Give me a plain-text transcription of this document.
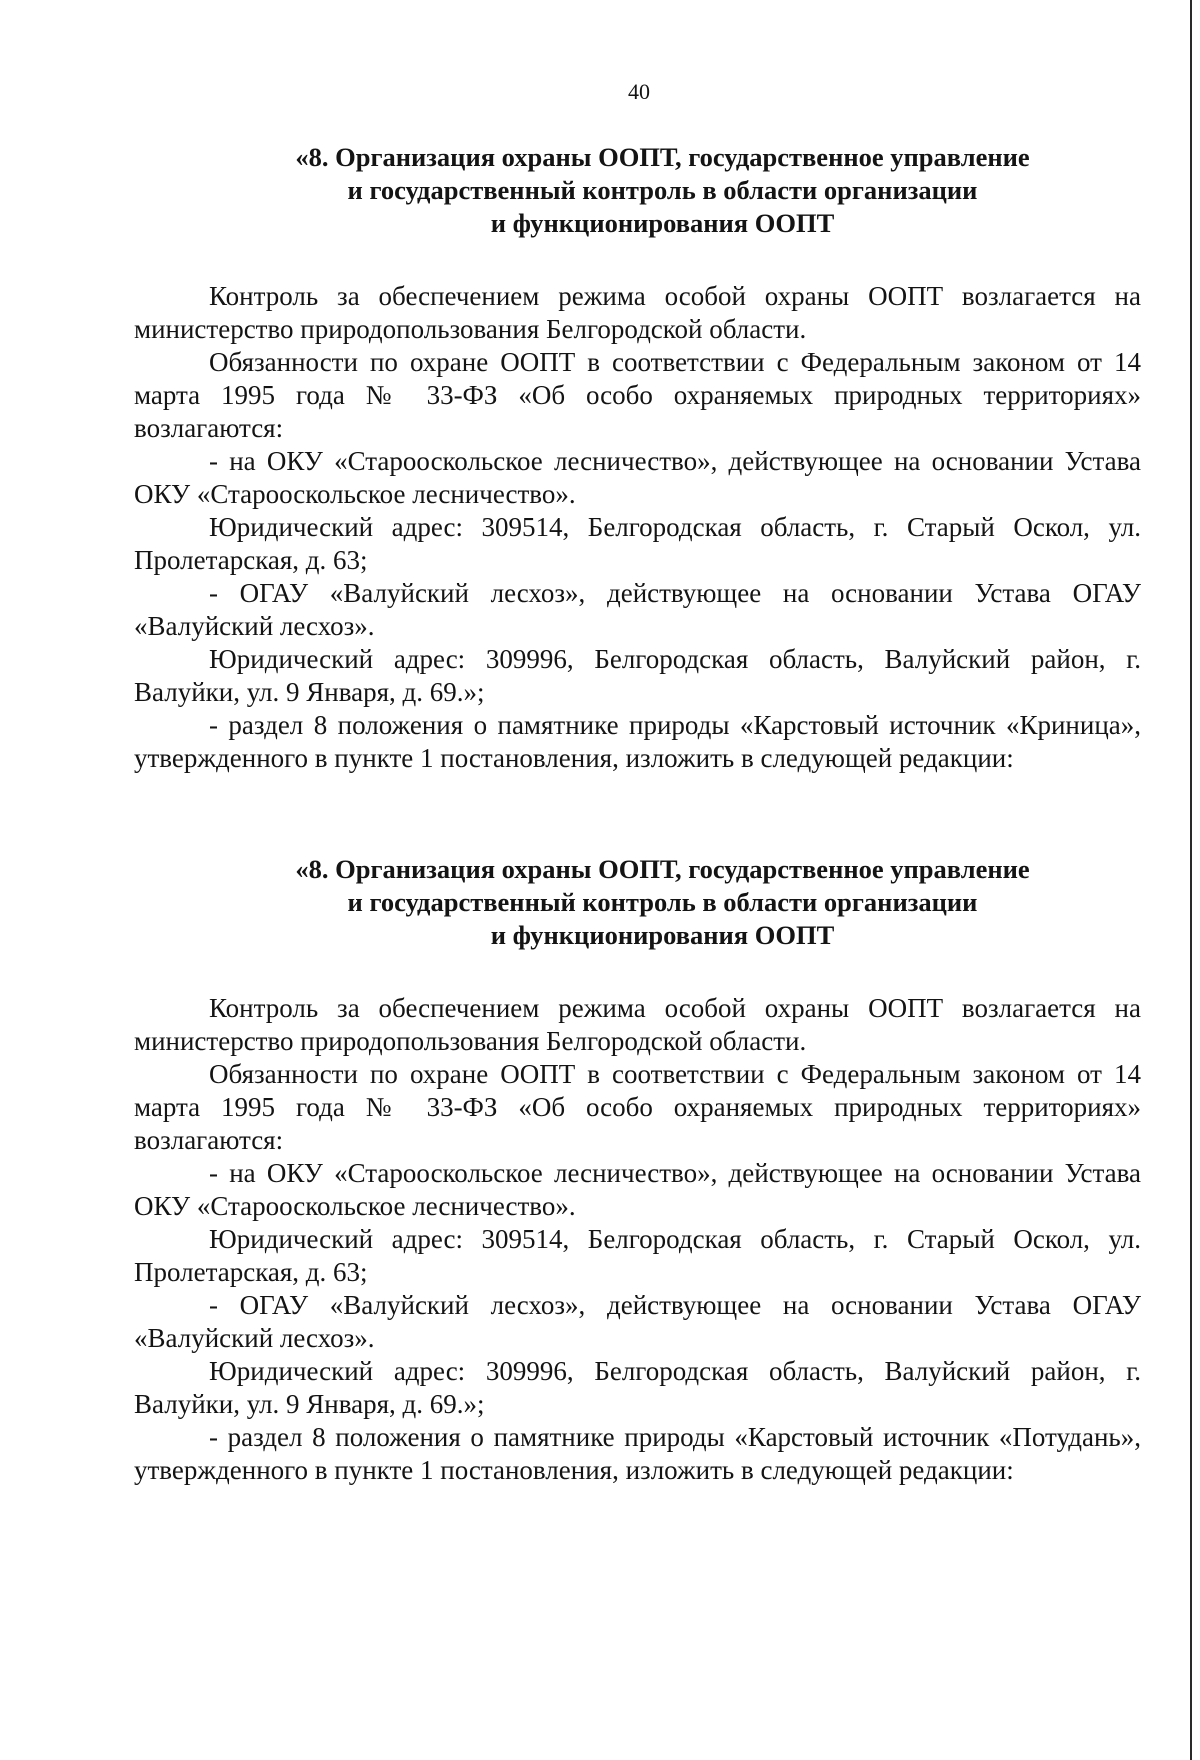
40
«8. Организация охраны ООПТ, государственное управление
и государственный контроль в области организации
и функционирования ООПТ

Контроль за обеспечением режима особой охраны ООПТ возлагается на министерство природопользования Белгородской области.

Обязанности по охране ООПТ в соответствии с Федеральным законом от 14 марта 1995 года № 33-ФЗ «Об особо охраняемых природных территориях» возлагаются:

- на ОКУ «Старооскольское лесничество», действующее на основании Устава ОКУ «Старооскольское лесничество».

Юридический адрес: 309514, Белгородская область, г. Старый Оскол, ул. Пролетарская, д. 63;

- ОГАУ «Валуйский лесхоз», действующее на основании Устава ОГАУ «Валуйский лесхоз».

Юридический адрес: 309996, Белгородская область, Валуйский район, г. Валуйки, ул. 9 Января, д. 69.»;

- раздел 8 положения о памятнике природы «Карстовый источник «Криница», утвержденного в пункте 1 постановления, изложить в следующей редакции:

«8. Организация охраны ООПТ, государственное управление
и государственный контроль в области организации
и функционирования ООПТ

Контроль за обеспечением режима особой охраны ООПТ возлагается на министерство природопользования Белгородской области.

Обязанности по охране ООПТ в соответствии с Федеральным законом от 14 марта 1995 года № 33-ФЗ «Об особо охраняемых природных территориях» возлагаются:

- на ОКУ «Старооскольское лесничество», действующее на основании Устава ОКУ «Старооскольское лесничество».

Юридический адрес: 309514, Белгородская область, г. Старый Оскол, ул. Пролетарская, д. 63;

- ОГАУ «Валуйский лесхоз», действующее на основании Устава ОГАУ «Валуйский лесхоз».

Юридический адрес: 309996, Белгородская область, Валуйский район, г. Валуйки, ул. 9 Января, д. 69.»;

- раздел 8 положения о памятнике природы «Карстовый источник «Потудань», утвержденного в пункте 1 постановления, изложить в следующей редакции:
